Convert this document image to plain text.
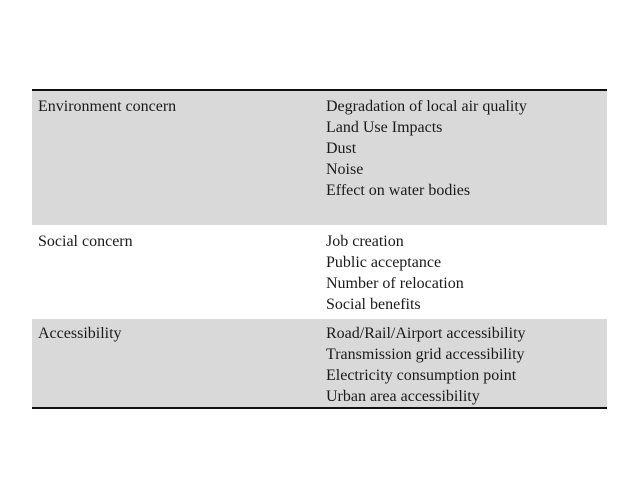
Environment concern	Degradation of local air quality
Land Use Impacts
Dust
Noise
Effect on water bodies
Social concern	Job creation
Public acceptance
Number of relocation
Social benefits
Accessibility	Road/Rail/Airport accessibility
Transmission grid accessibility
Electricity consumption point
Urban area accessibility
